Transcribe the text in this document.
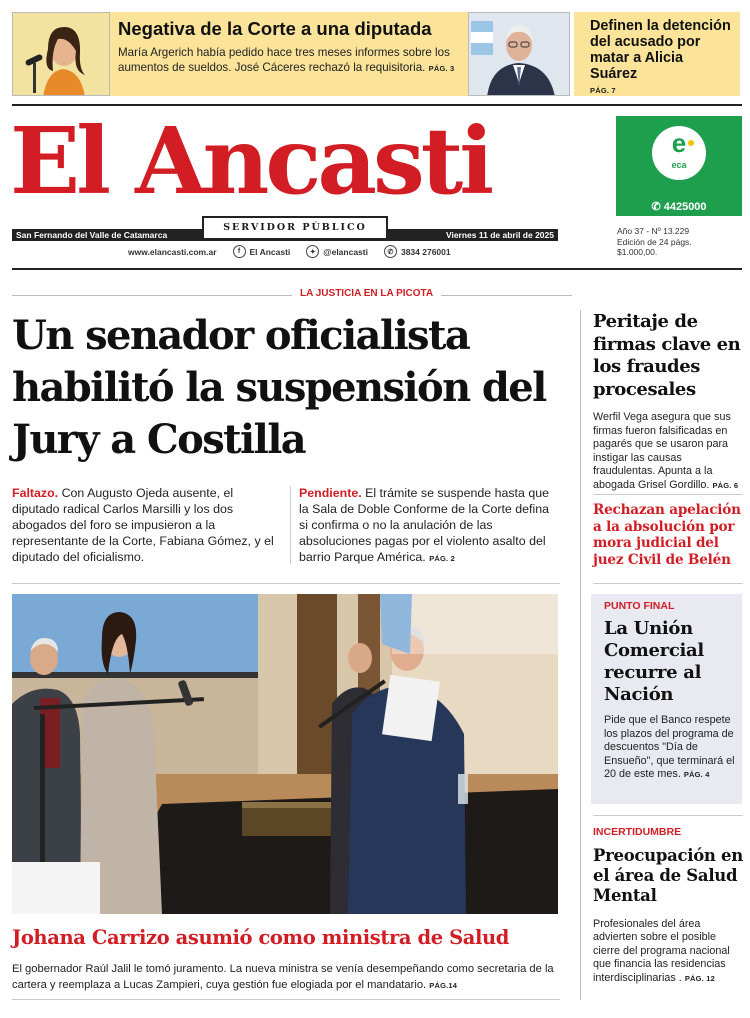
Negativa de la Corte a una diputada
María Argerich había pedido hace tres meses informes sobre los aumentos de sueldos. José Cáceres rechazó la requisitoria. PÁG. 3
Definen la detención del acusado por matar a Alicia Suárez
PÁG. 7
El Ancasti
San Fernando del Valle de Catamarca
SERVIDOR PÚBLICO
Viernes 11 de abril de 2025
www.elancasti.com.ar	f	El Ancasti	✦ @elancasti	✆ 3834 276001
e
eca
✆ 4425000
Año 37 - Nº 13.229
Edición de 24 págs.
$1.000,00.
LA JUSTICIA EN LA PICOTA
Un senador oficialista habilitó la suspensión del Jury a Costilla
Faltazo. Con Augusto Ojeda ausente, el diputado radical Carlos Marsilli y los dos abogados del foro se impusieron a la representante de la Corte, Fabiana Gómez, y el diputado del oficialismo.
Pendiente. El trámite se suspende hasta que la Sala de Doble Conforme de la Corte defina si confirma o no la anulación de las absoluciones pagas por el violento asalto del barrio Parque América. PÁG. 2
Johana Carrizo asumió como ministra de Salud
El gobernador Raúl Jalil le tomó juramento. La nueva ministra se venía desempeñando como secretaria de la cartera y reemplaza a Lucas Zampieri, cuya gestión fue elogiada por el mandatario. PÁG.14
Peritaje de firmas clave en los fraudes procesales
Werfil Vega asegura que sus firmas fueron falsificadas en pagarés que se usaron para instigar las causas fraudulentas. Apunta a la abogada Grisel Gordillo. PÁG. 6
Rechazan apelación a la absolución por mora judicial del juez Civil de Belén
PUNTO FINAL
La Unión Comercial recurre al Nación
Pide que el Banco respete los plazos del programa de descuentos "Día de Ensueño", que terminará el 20 de este mes. PÁG. 4
INCERTIDUMBRE
Preocupación en el área de Salud Mental
Profesionales del área advierten sobre el posible cierre del programa nacional que financia las residencias interdisciplinarias . PÁG. 12
